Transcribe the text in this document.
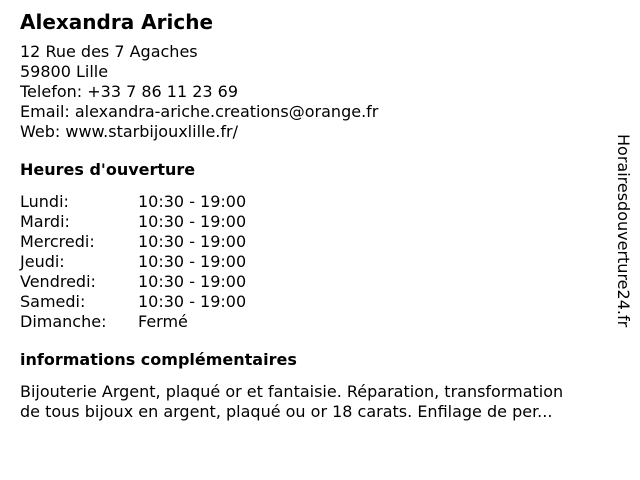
Alexandra Ariche
12 Rue des 7 Agaches
59800 Lille
Telefon: +33 7 86 11 23 69
Email: alexandra-ariche.creations@orange.fr
Web: www.starbijouxlille.fr/
Heures d'ouverture
Lundi:	10:30 - 19:00
Mardi:	10:30 - 19:00
Mercredi:	10:30 - 19:00
Jeudi:	10:30 - 19:00
Vendredi:	10:30 - 19:00
Samedi:	10:30 - 19:00
Dimanche:	Fermé
informations complémentaires
Bijouterie Argent, plaqué or et fantaisie. Réparation, transformation
de tous bijoux en argent, plaqué ou or 18 carats. Enfilage de per...
Horairesdouverture24.fr
